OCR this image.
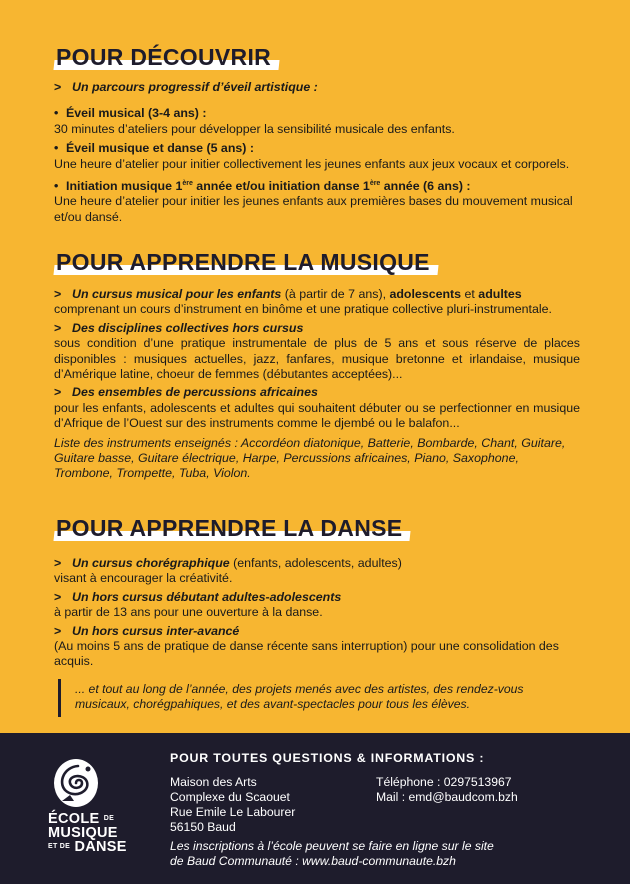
POUR DÉCOUVRIR
> Un parcours progressif d’éveil artistique :
• Éveil musical (3-4 ans) :
30 minutes d’ateliers pour développer la sensibilité musicale des enfants.
• Éveil musique et danse (5 ans) :
Une heure d’atelier pour initier collectivement les jeunes enfants aux jeux vocaux et corporels.
• Initiation musique 1ère année et/ou initiation danse 1ère année (6 ans) :
Une heure d’atelier pour initier les jeunes enfants aux premières bases du mouvement musical et/ou dansé.
POUR APPRENDRE LA MUSIQUE
> Un cursus musical pour les enfants (à partir de 7 ans), adolescents et adultes
comprenant un cours d’instrument en binôme et une pratique collective pluri-instrumentale.
> Des disciplines collectives hors cursus
sous condition d’une pratique instrumentale de plus de 5 ans et sous réserve de places disponibles : musiques actuelles, jazz, fanfares, musique bretonne et irlandaise, musique d’Amérique latine, choeur de femmes (débutantes acceptées)...
> Des ensembles de percussions africaines
pour les enfants, adolescents et adultes qui souhaitent débuter ou se perfectionner en musique d’Afrique de l’Ouest sur des instruments comme le djembé ou le balafon...
Liste des instruments enseignés : Accordéon diatonique, Batterie, Bombarde, Chant, Guitare, Guitare basse, Guitare électrique, Harpe, Percussions africaines, Piano, Saxophone, Trombone, Trompette, Tuba, Violon.
POUR APPRENDRE LA DANSE
> Un cursus chorégraphique (enfants, adolescents, adultes)
visant à encourager la créativité.
> Un hors cursus débutant adultes-adolescents
à partir de 13 ans pour une ouverture à la danse.
> Un hors cursus inter-avancé
(Au moins 5 ans de pratique de danse récente sans interruption) pour une consolidation des acquis.
... et tout au long de l’année, des projets menés avec des artistes, des rendez-vous musicaux, chorégpahiques, et des avant-spectacles pour tous les élèves.
ÉCOLE $^{DE}$
MUSIQUE
$^{ET DE}$ DANSE
POUR TOUTES QUESTIONS & INFORMATIONS :
Maison des Arts
Complexe du Scaouet
Rue Emile Le Labourer
56150 Baud
Téléphone : 0297513967
Mail : emd@baudcom.bzh
Les inscriptions à l’école peuvent se faire en ligne sur le site
de Baud Communauté : www.baud-communaute.bzh
